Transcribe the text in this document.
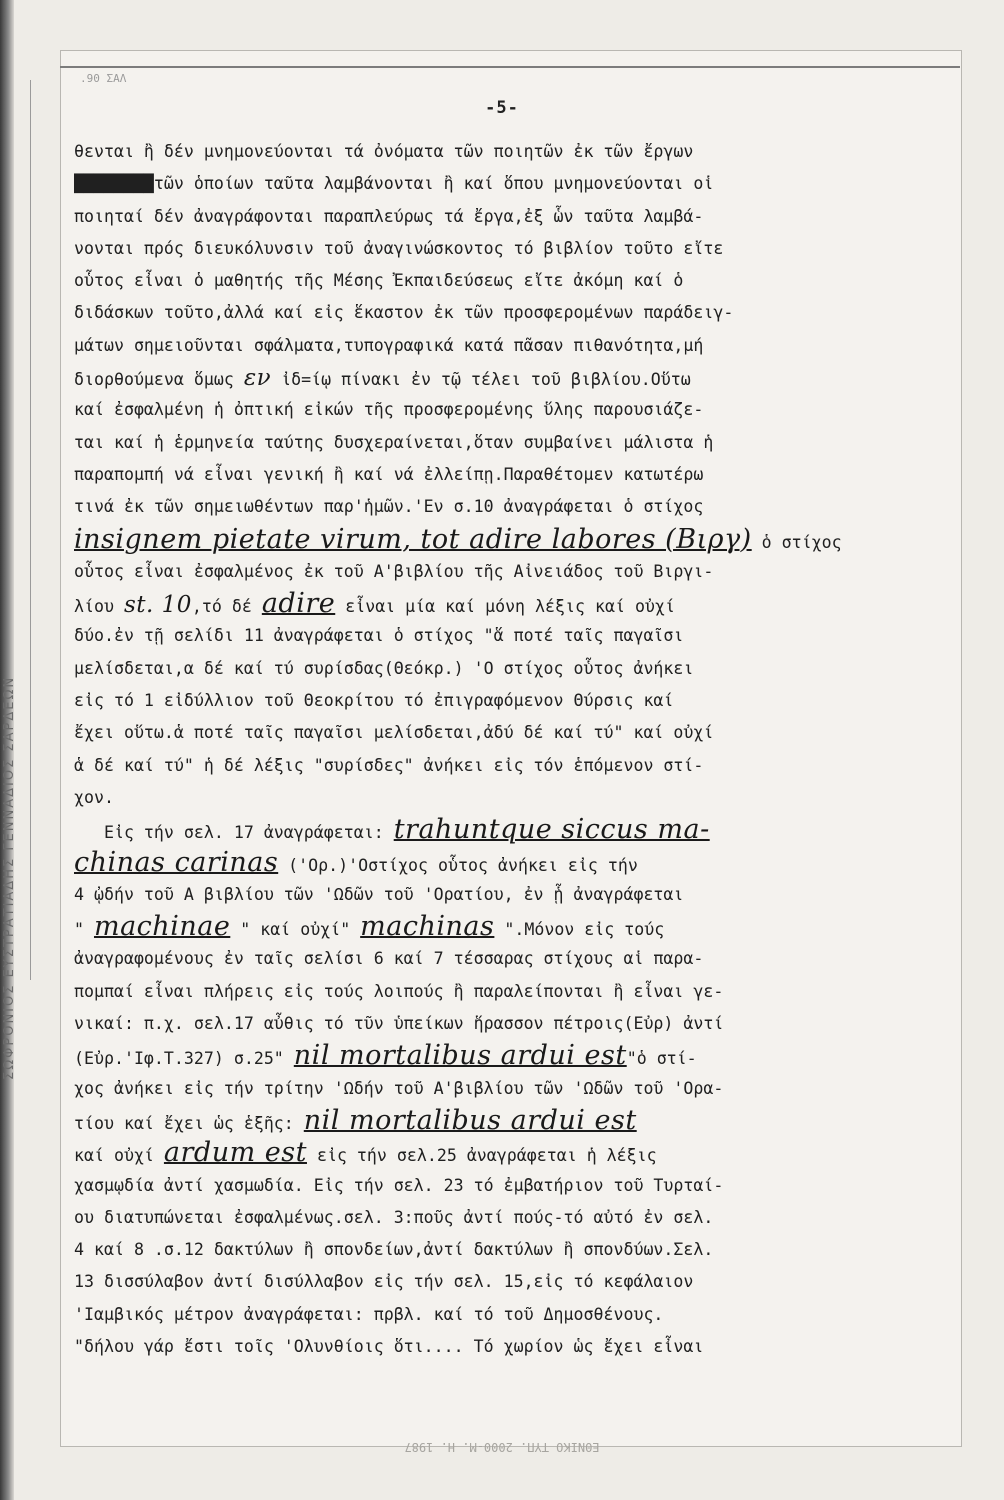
ΣΩΦΡΟΝΙΟΣ ΕΥΣΤΡΑΤΙΑΔΗΣ ΓΕΝΝΑΔΙΟΣ ΣΑΡΔΕΩΝ
.90 ΣΑΛ
-5-
θενται ἢ δέν μνημονεύονται τά ὀνόματα τῶν ποιητῶν ἐκ τῶν ἔργων
████████τῶν ὁποίων ταῦτα λαμβάνονται ἢ καί ὅπου μνημονεύονται οἱ
ποιηταί δέν ἀναγράφονται παραπλεύρως τά ἔργα,ἐξ ὧν ταῦτα λαμβά-
νονται πρός διευκόλυνσιν τοῦ ἀναγινώσκοντος τό βιβλίον τοῦτο εἴτε
οὗτος εἶναι ὁ μαθητής τῆς Μέσης Ἐκπαιδεύσεως εἴτε ἀκόμη καί ὁ
διδάσκων τοῦτο,ἀλλά καί εἰς ἕκαστον ἐκ τῶν προσφερομένων παράδειγ-
μάτων σημειοῦνται σφάλματα,τυπογραφικά κατά πᾶσαν πιθανότητα,μή
διορθούμενα ὅμως εν ἰδ=ίῳ πίνακι ἐν τῷ τέλει τοῦ βιβλίου.Οὕτω
καί ἐσφαλμένη ἡ ὀπτική εἰκών τῆς προσφερομένης ὕλης παρουσιάζε-
ται καί ἡ ἑρμηνεία ταύτης δυσχεραίνεται,ὅταν συμβαίνει μάλιστα ἡ
παραπομπή νά εἶναι γενική ἢ καί νά ἐλλείπῃ.Παραθέτομεν κατωτέρω
τινά ἐκ τῶν σημειωθέντων παρ'ἡμῶν.'Εν σ.10 ἀναγράφεται ὁ στίχος
insignem pietate virum, tot adire labores (Βιργ) ὁ στίχος
οὗτος εἶναι ἐσφαλμένος ἐκ τοῦ Α'βιβλίου τῆς Αἰνειάδος τοῦ Βιργι-
λίου st. 10,τό δέ adire εἶναι μία καί μόνη λέξις καί οὐχί
δύο.ἐν τῇ σελίδι 11 ἀναγράφεται ὁ στίχος "ἅ ποτέ ταῖς παγαῖσι
μελίσδεται,α δέ καί τύ συρίσδας(Θεόκρ.) 'Ο στίχος οὗτος ἀνήκει
εἰς τό 1 εἰδύλλιον τοῦ Θεοκρίτου τό ἐπιγραφόμενον Θύρσις καί
ἔχει οὕτω.ἁ ποτέ ταῖς παγαῖσι μελίσδεται,ἀδύ δέ καί τύ" καί οὐχί
ἁ δέ καί τύ" ἡ δέ λέξις "συρίσδες" ἀνήκει εἰς τόν ἑπόμενον στί-
χον.
Εἰς τήν σελ. 17 ἀναγράφεται: trahuntque siccus ma-
chinas carinas ('Ορ.)'Οστίχος οὗτος ἀνήκει εἰς τήν
4 ᾠδήν τοῦ Α βιβλίου τῶν 'Ωδῶν τοῦ 'Ορατίου, ἐν ᾗ ἀναγράφεται
" machinae " καί οὐχί" machinas ".Μόνον εἰς τούς
ἀναγραφομένους ἐν ταῖς σελίσι 6 καί 7 τέσσαρας στίχους αἱ παρα-
πομπαί εἶναι πλήρεις εἰς τούς λοιπούς ἢ παραλείπονται ἢ εἶναι γε-
νικαί: π.χ. σελ.17 αὖθις τό τῦν ὑπείκων ἥρασσον πέτροις(Εὐρ) ἀντί
(Εὐρ.'Ιφ.Τ.327) σ.25" nil mortalibus ardui est"ὁ στί-
χος ἀνήκει εἰς τήν τρίτην 'Ωδήν τοῦ Α'βιβλίου τῶν 'Ωδῶν τοῦ 'Ορα-
τίου καί ἔχει ὡς ἑξῆς: nil mortalibus ardui est
καί οὐχί ardum est εἰς τήν σελ.25 ἀναγράφεται ἡ λέξις
χασμῳδία ἀντί χασμωδία. Εἰς τήν σελ. 23 τό ἐμβατήριον τοῦ Τυρταί-
ου διατυπώνεται ἐσφαλμένως.σελ. 3:ποῦς ἀντί πούς-τό αὐτό ἐν σελ.
4 καί 8 .σ.12 δακτύλων ἢ σπονδείων,ἀντί δακτύλων ἢ σπονδύων.Σελ.
13 δισσύλαβον ἀντί δισύλλαβον εἰς τήν σελ. 15,εἰς τό κεφάλαιον
'Ιαμβικός μέτρον ἀναγράφεται: πρβλ. καί τό τοῦ Δημοσθένους.
"δήλου γάρ ἔστι τοῖς 'Ολυνθίοις ὅτι.... Τό χωρίον ὡς ἔχει εἶναι
ΕΘΝΙΚΟ ΤΥΠ. 2000-Μ. Η. 1987
